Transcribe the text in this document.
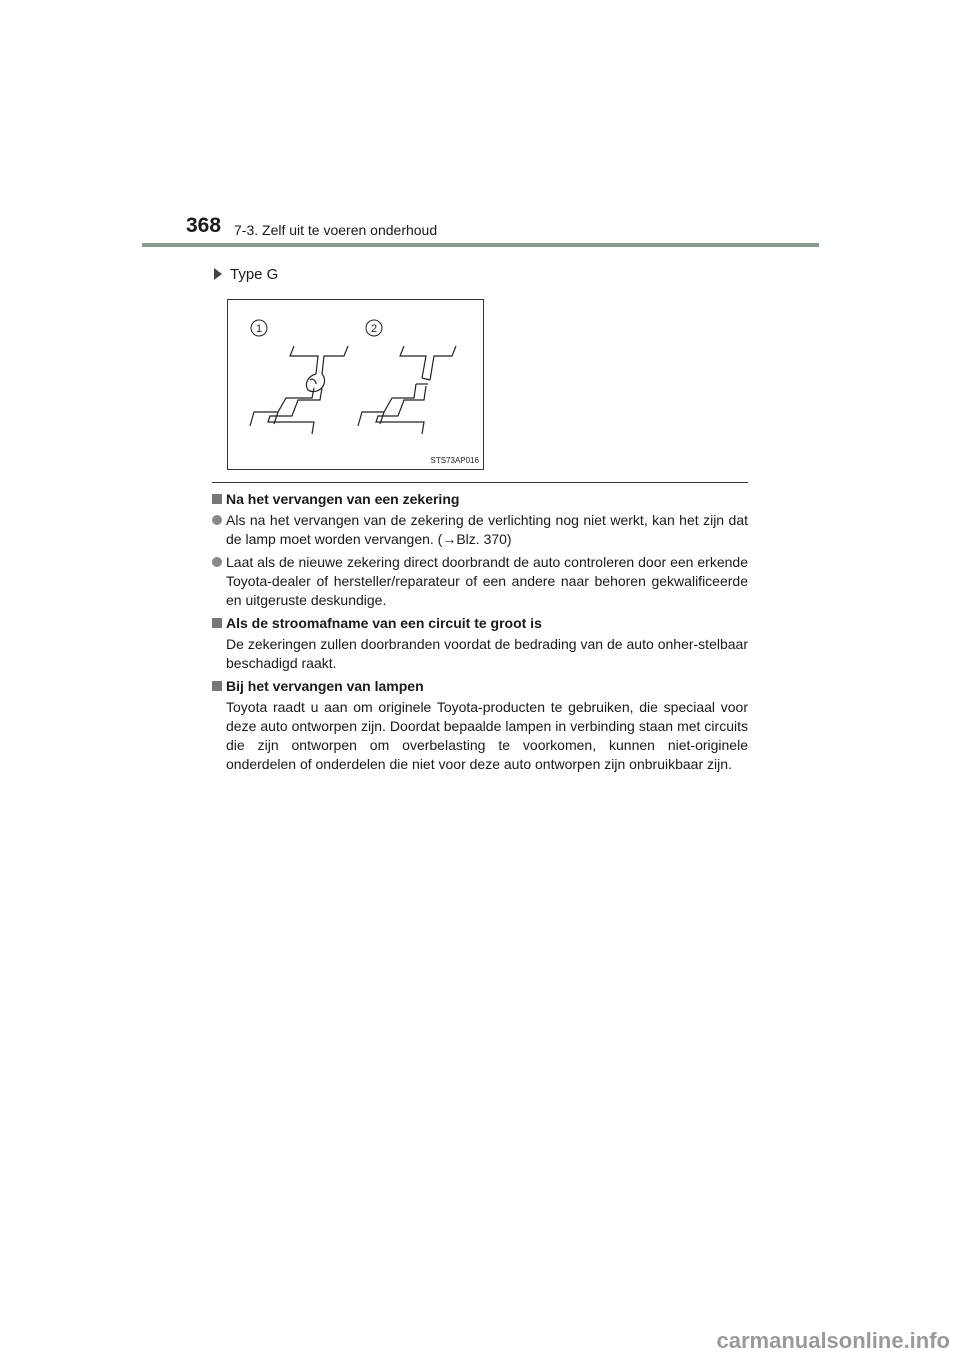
368 7-3. Zelf uit te voeren onderhoud
Type G
1	2
STS73AP016
Na het vervangen van een zekering
Als na het vervangen van de zekering de verlichting nog niet werkt, kan het zijn dat de lamp moet worden vervangen. (→Blz. 370)
Laat als de nieuwe zekering direct doorbrandt de auto controleren door een erkende Toyota-dealer of hersteller/reparateur of een andere naar behoren gekwalificeerde en uitgeruste deskundige.
Als de stroomafname van een circuit te groot is
De zekeringen zullen doorbranden voordat de bedrading van de auto onher-stelbaar beschadigd raakt.
Bij het vervangen van lampen
Toyota raadt u aan om originele Toyota-producten te gebruiken, die speciaal voor deze auto ontworpen zijn. Doordat bepaalde lampen in verbinding staan met circuits die zijn ontworpen om overbelasting te voorkomen, kunnen niet-originele onderdelen of onderdelen die niet voor deze auto ontworpen zijn onbruikbaar zijn.
carmanualsonline.info
